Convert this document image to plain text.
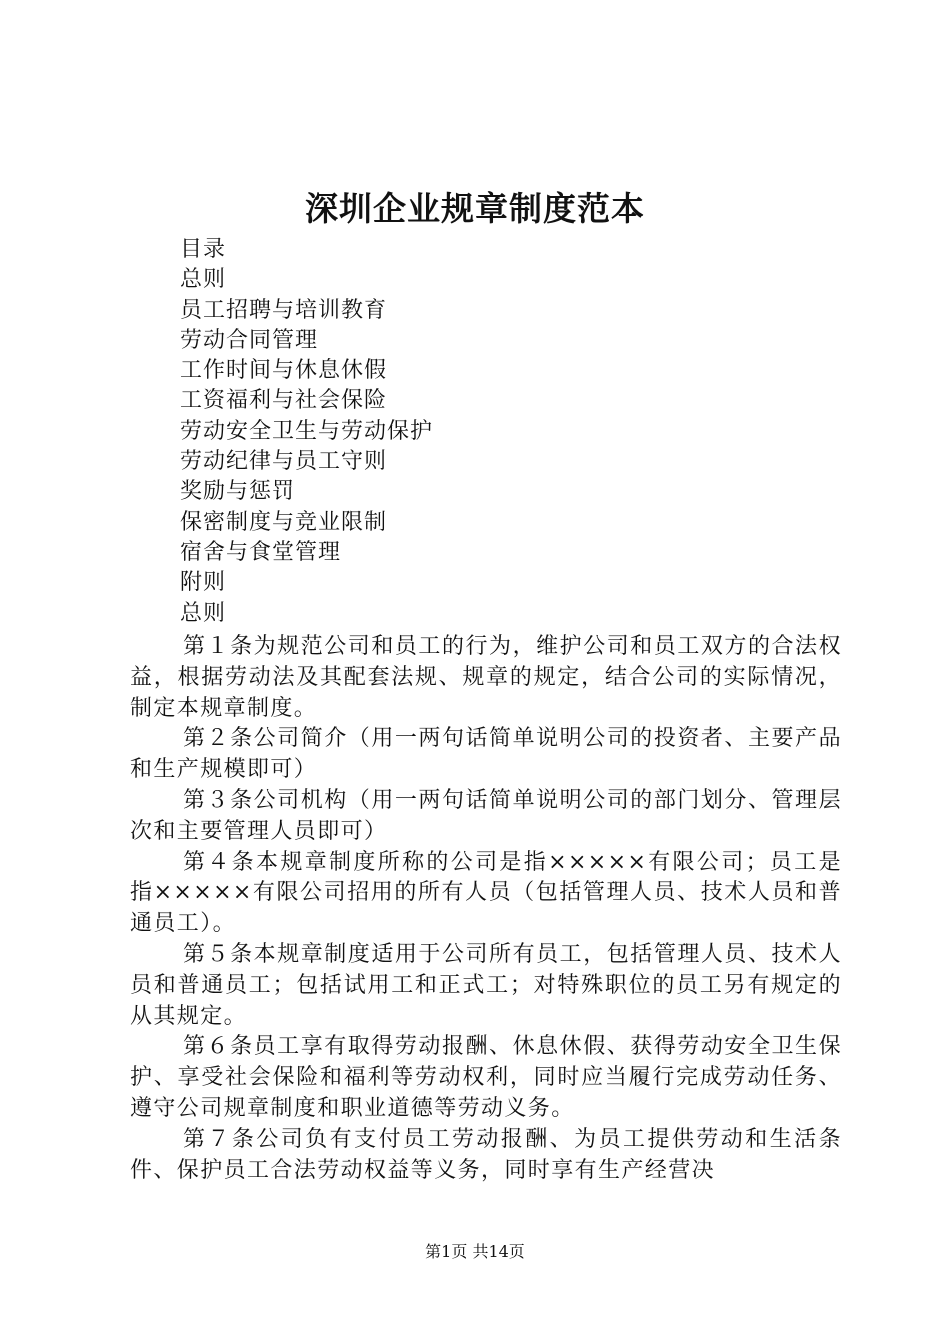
深圳企业规章制度范本
目录
总则
员工招聘与培训教育
劳动合同管理
工作时间与休息休假
工资福利与社会保险
劳动安全卫生与劳动保护
劳动纪律与员工守则
奖励与惩罚
保密制度与竞业限制
宿舍与食堂管理
附则
总则

第１条为规范公司和员工的行为，维护公司和员工双方的合法权益，根据劳动法及其配套法规、规章的规定，结合公司的实际情况，制定本规章制度。

第２条公司简介（用一两句话简单说明公司的投资者、主要产品和生产规模即可）

第３条公司机构（用一两句话简单说明公司的部门划分、管理层次和主要管理人员即可）

第４条本规章制度所称的公司是指×××××有限公司；员工是指×××××有限公司招用的所有人员（包括管理人员、技术人员和普通员工）。

第５条本规章制度适用于公司所有员工，包括管理人员、技术人员和普通员工；包括试用工和正式工；对特殊职位的员工另有规定的从其规定。

第６条员工享有取得劳动报酬、休息休假、获得劳动安全卫生保护、享受社会保险和福利等劳动权利，同时应当履行完成劳动任务、遵守公司规章制度和职业道德等劳动义务。

第７条公司负有支付员工劳动报酬、为员工提供劳动和生活条件、保护员工合法劳动权益等义务，同时享有生产经营决

第1页 共14页
